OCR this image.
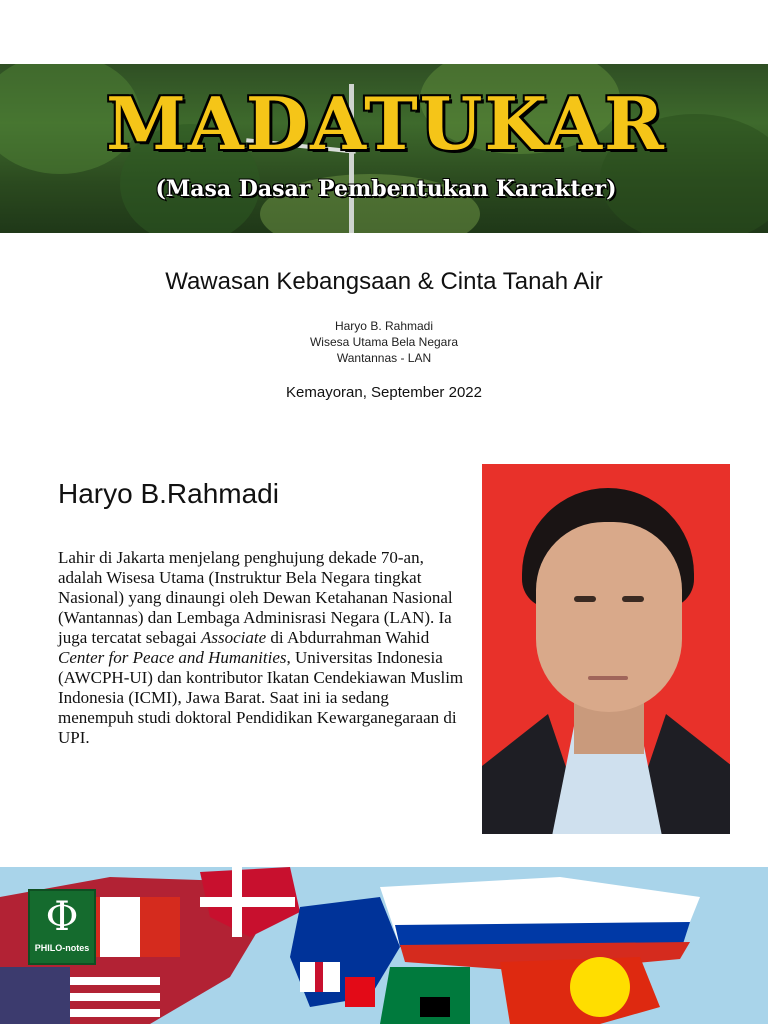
MADATUKAR
(Masa Dasar Pembentukan Karakter)
Wawasan Kebangsaan & Cinta Tanah Air
Haryo B. Rahmadi
Wisesa Utama Bela Negara
Wantannas - LAN
Kemayoran, September 2022
Haryo B.Rahmadi
Lahir di Jakarta menjelang penghujung dekade 70-an, adalah Wisesa Utama (Instruktur Bela Negara tingkat Nasional) yang dinaungi oleh Dewan Ketahanan Nasional (Wantannas) dan Lembaga Adminisrasi Negara (LAN). Ia juga tercatat sebagai Associate di Abdurrahman Wahid Center for Peace and Humanities, Universitas Indonesia (AWCPH-UI) dan kontributor Ikatan Cendekiawan Muslim Indonesia (ICMI), Jawa Barat. Saat ini ia sedang menempuh studi doktoral Pendidikan Kewarganegaraan di UPI.
Φ
PHILO-notes
